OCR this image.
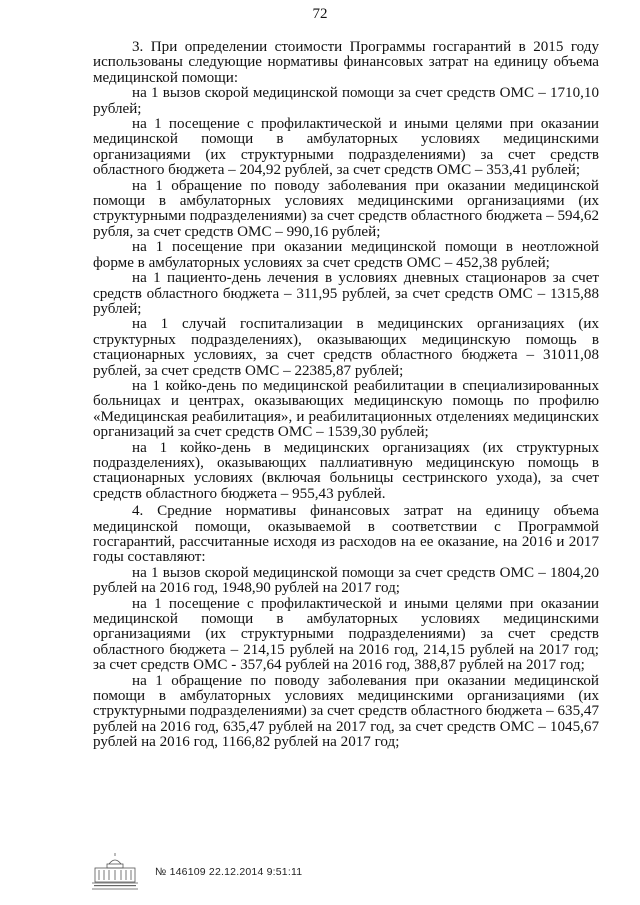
72

3. При определении стоимости Программы госгарантий в 2015 году использованы следующие нормативы финансовых затрат на единицу объема медицинской помощи:

на 1 вызов скорой медицинской помощи за счет средств ОМС – 1710,10 рублей;

на 1 посещение с профилактической и иными целями при оказании медицинской помощи в амбулаторных условиях медицинскими организациями (их структурными подразделениями) за счет средств областного бюджета – 204,92 рублей, за счет средств ОМС – 353,41 рублей;

на 1 обращение по поводу заболевания при оказании медицинской помощи в амбулаторных условиях медицинскими организациями (их структурными подразделениями) за счет средств областного бюджета – 594,62 рубля, за счет средств ОМС – 990,16 рублей;

на 1 посещение при оказании медицинской помощи в неотложной форме в амбулаторных условиях за счет средств ОМС – 452,38 рублей;

на 1 пациенто-день лечения в условиях дневных стационаров за счет средств областного бюджета – 311,95 рублей, за счет средств ОМС – 1315,88 рублей;

на 1 случай госпитализации в медицинских организациях (их структурных подразделениях), оказывающих медицинскую помощь в стационарных условиях, за счет средств областного бюджета – 31011,08 рублей, за счет средств ОМС – 22385,87 рублей;

на 1 койко-день по медицинской реабилитации в специализированных больницах и центрах, оказывающих медицинскую помощь по профилю «Медицинская реабилитация», и реабилитационных отделениях медицинских организаций за счет средств ОМС – 1539,30 рублей;

на 1 койко-день в медицинских организациях (их структурных подразделениях), оказывающих паллиативную медицинскую помощь в стационарных условиях (включая больницы сестринского ухода), за счет средств областного бюджета – 955,43 рублей.

4. Средние нормативы финансовых затрат на единицу объема медицинской помощи, оказываемой в соответствии с Программой госгарантий, рассчитанные исходя из расходов на ее оказание, на 2016 и 2017 годы составляют:

на 1 вызов скорой медицинской помощи за счет средств ОМС – 1804,20 рублей на 2016 год, 1948,90 рублей на 2017 год;

на 1 посещение с профилактической и иными целями при оказании медицинской помощи в амбулаторных условиях медицинскими организациями (их структурными подразделениями) за счет средств областного бюджета – 214,15 рублей на 2016 год, 214,15 рублей на 2017 год; за счет средств ОМС - 357,64 рублей на 2016 год, 388,87 рублей на 2017 год;

на 1 обращение по поводу заболевания при оказании медицинской помощи в амбулаторных условиях медицинскими организациями (их структурными подразделениями) за счет средств областного бюджета – 635,47 рублей на 2016 год, 635,47 рублей на 2017 год, за счет средств ОМС – 1045,67 рублей на 2016 год, 1166,82 рублей на 2017 год;

№ 146109 22.12.2014 9:51:11
